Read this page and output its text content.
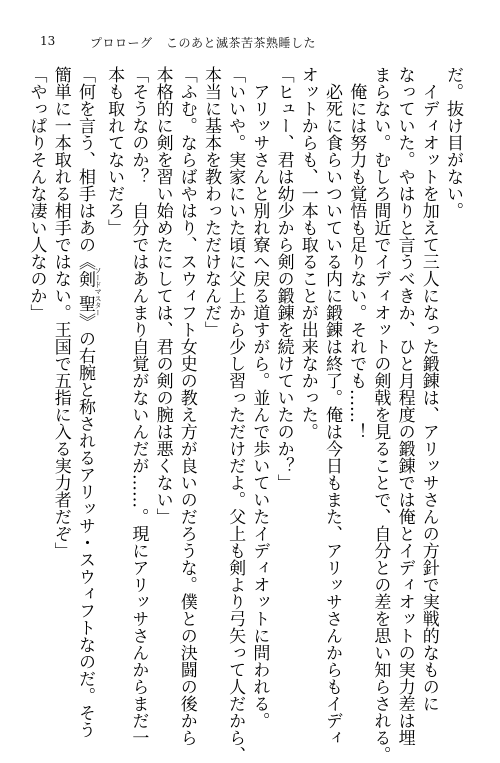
13	プロローグ このあと滅茶苦茶熟睡した
だ。抜け目がない。
イディオットを加えて三人になった鍛錬は、アリッサさんの方針で実戦的なものに
なっていた。やはりと言うべきか、ひと月程度の鍛錬では俺とイディオットの実力差は埋
まらない。むしろ間近でイディオットの剣戟を見ることで、自分との差を思い知らされる。
俺には努力も覚悟も足りない。それでも……！
必死に食らいついている内に鍛錬は終了。俺は今日もまた、アリッサさんからもイディ
オットからも、一本も取ることが出来なかった。
「ヒュー、君は幼少から剣の鍛錬を続けていたのか？」
アリッサさんと別れ寮へ戻る道すがら。並んで歩いていたイディオットに問われる。
「いいや。実家にいた頃に父上から少し習っただけだよ。父上も剣より弓矢って人だから、
本当に基本を教わっただけなんだ」
「ふむ。ならばやはり、スウィフト女史の教え方が良いのだろうな。僕との決闘の後から
本格的に剣を習い始めたにしては、君の剣の腕は悪くない」
「そうなのか？　自分ではあんまり自覚がないんだが……。現にアリッサさんからまだ一
本も取れてないだろ」
「何を言う、相手はあの《剣聖 ソードマスター》の右腕と称されるアリッサ・スウィフトなのだ。そう
簡単に一本取れる相手ではない。王国で五指に入る実力者だぞ」
「やっぱりそんな凄い人なのか」
